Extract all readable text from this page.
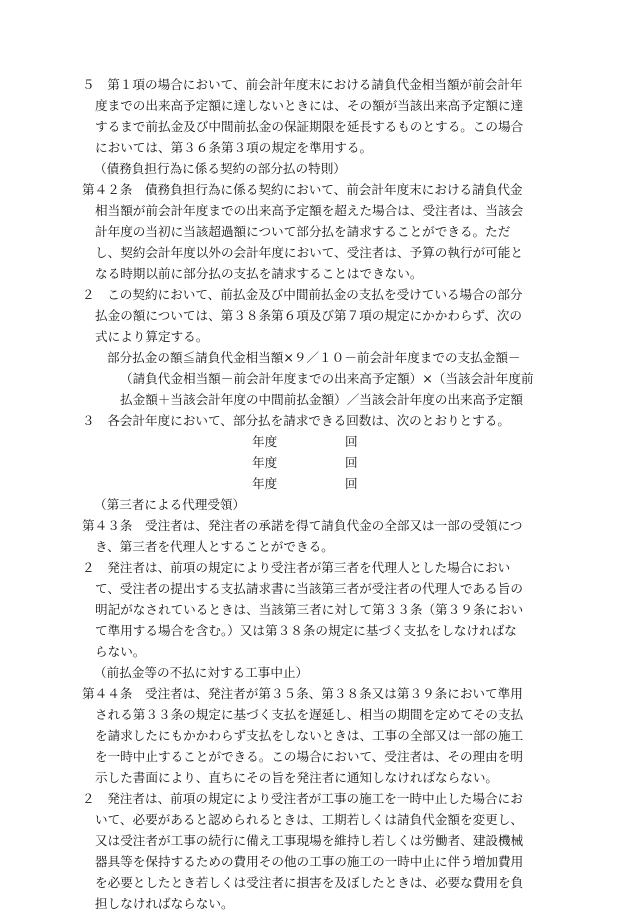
５　第１項の場合において、前会計年度末における請負代金相当額が前会計年

度までの出来高予定額に達しないときには、その額が当該出来高予定額に達

するまで前払金及び中間前払金の保証期限を延長するものとする。この場合

においては、第３６条第３項の規定を準用する。

（債務負担行為に係る契約の部分払の特則）

第４２条　債務負担行為に係る契約において、前会計年度末における請負代金

相当額が前会計年度までの出来高予定額を超えた場合は、受注者は、当該会

計年度の当初に当該超過額について部分払を請求することができる。ただ

し、契約会計年度以外の会計年度において、受注者は、予算の執行が可能と

なる時期以前に部分払の支払を請求することはできない。

２　この契約において、前払金及び中間前払金の支払を受けている場合の部分

払金の額については、第３８条第６項及び第７項の規定にかかわらず、次の

式により算定する。

部分払金の額≦請負代金相当額×９／１０－前会計年度までの支払金額－

（請負代金相当額－前会計年度までの出来高予定額）×（当該会計年度前

払金額＋当該会計年度の中間前払金額）／当該会計年度の出来高予定額

３　各会計年度において、部分払を請求できる回数は、次のとおりとする。

年度	回
年度	回
年度	回

（第三者による代理受領）

第４３条　受注者は、発注者の承諾を得て請負代金の全部又は一部の受領につ

き、第三者を代理人とすることができる。

２　発注者は、前項の規定により受注者が第三者を代理人とした場合におい

て、受注者の提出する支払請求書に当該第三者が受注者の代理人である旨の

明記がなされているときは、当該第三者に対して第３３条（第３９条におい

て準用する場合を含む。）又は第３８条の規定に基づく支払をしなければな

らない。

（前払金等の不払に対する工事中止）

第４４条　受注者は、発注者が第３５条、第３８条又は第３９条において準用

される第３３条の規定に基づく支払を遅延し、相当の期間を定めてその支払

を請求したにもかかわらず支払をしないときは、工事の全部又は一部の施工

を一時中止することができる。この場合において、受注者は、その理由を明

示した書面により、直ちにその旨を発注者に通知しなければならない。

２　発注者は、前項の規定により受注者が工事の施工を一時中止した場合にお

いて、必要があると認められるときは、工期若しくは請負代金額を変更し、

又は受注者が工事の続行に備え工事現場を維持し若しくは労働者、建設機械

器具等を保持するための費用その他の工事の施工の一時中止に伴う増加費用

を必要としたとき若しくは受注者に損害を及ぼしたときは、必要な費用を負

担しなければならない。
